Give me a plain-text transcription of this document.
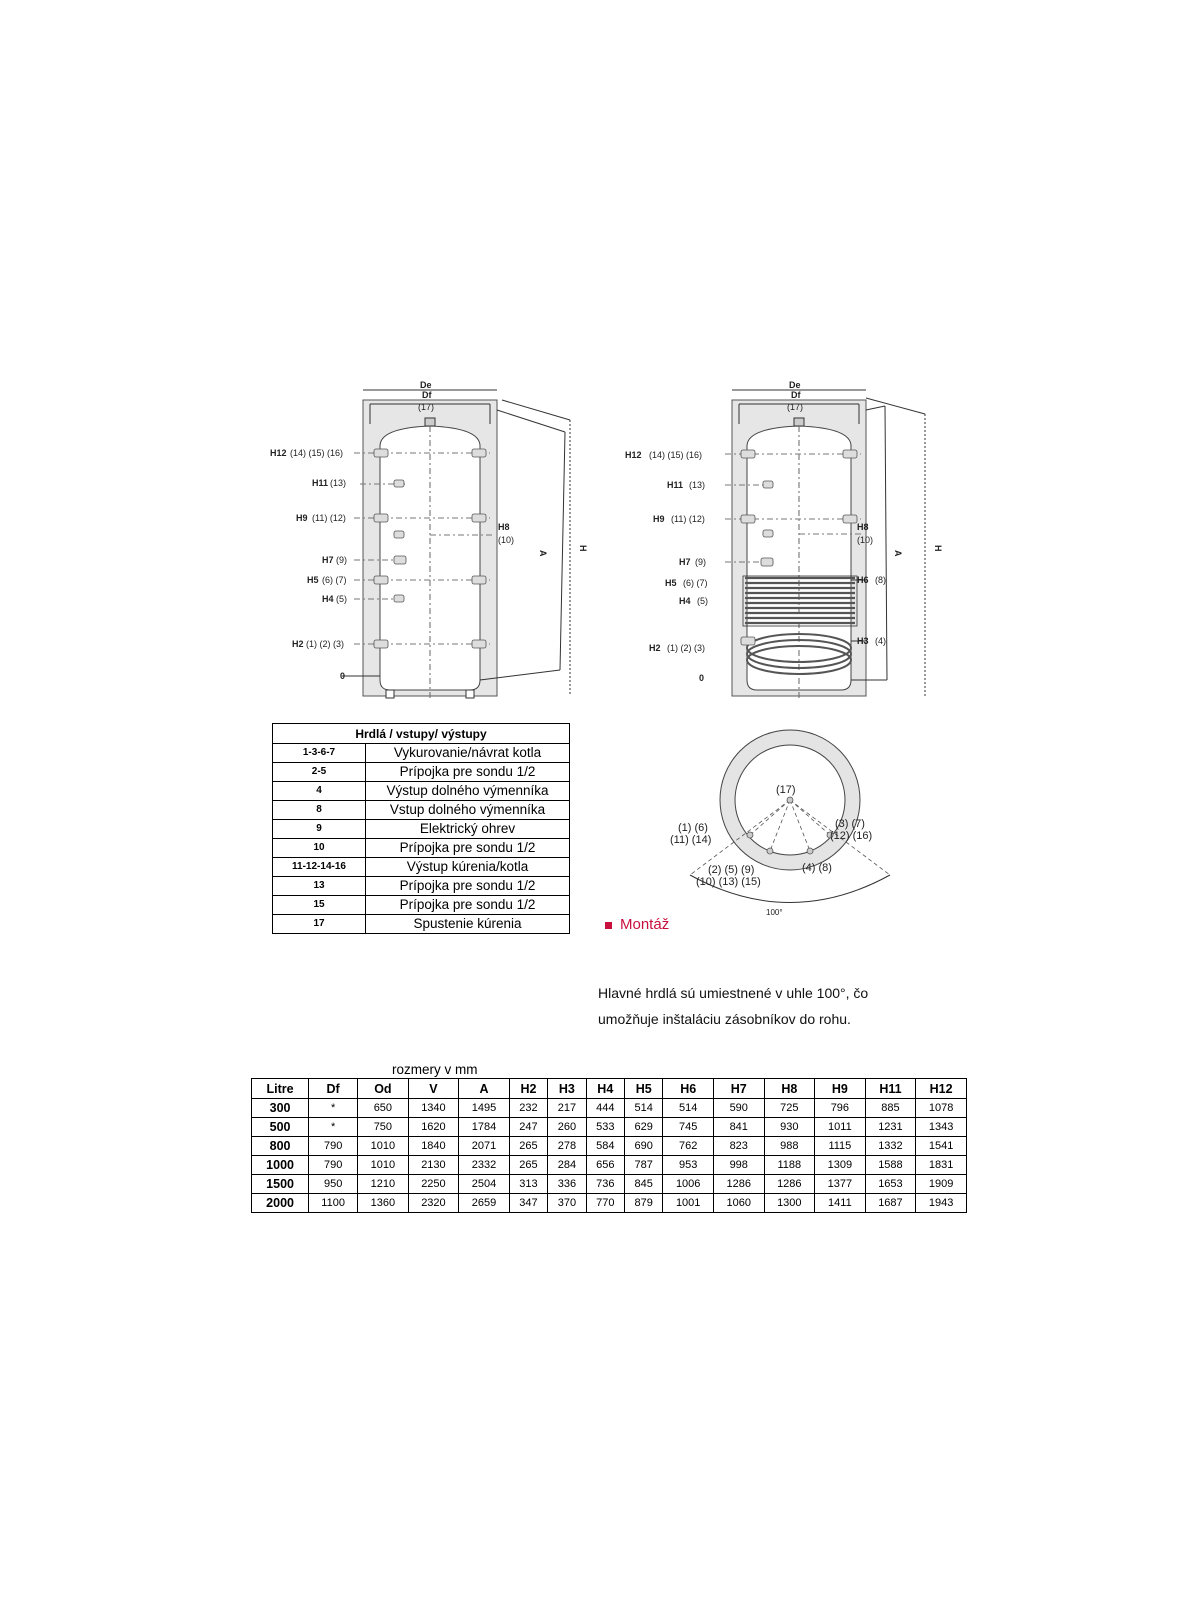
De
Df
(17)
H12 (14) (15) (16)
H11 (13)
H9 (11) (12)
H8
(10)
H7 (9)
H5 (6) (7)
H4 (5)
H2 (1) (2) (3)
0
A
H
De
Df
(17)
H12 (14) (15) (16)
H11 (13)
H9 (11) (12)
H8
(10)
H7 (9)
H6 (8)
H5 (6) (7)
H4 (5)
H3 (4)
H2 (1) (2) (3)
0
A
H
Hrdlá / vstupy/ výstupy	
1-3-6-7	Vykurovanie/návrat kotla
2-5	Prípojka pre sondu 1/2
4	Výstup dolného výmenníka
8	Vstup dolného výmenníka
9	Elektrický ohrev
10	Prípojka pre sondu 1/2
11-12-14-16	Výstup kúrenia/kotla
13	Prípojka pre sondu 1/2
15	Prípojka pre sondu 1/2
17	Spustenie kúrenia
(17)
(1) (6)
(11) (14)
(3) (7)
(12) (16)
(2) (5) (9)
(10) (13) (15)
(4) (8)
100°
Montáž
Hlavné hrdlá sú umiestnené v uhle 100°, čo
umožňuje inštaláciu zásobníkov do rohu.
rozmery v mm
Litre	Df	Od	V	A	H2	H3	H4	H5	H6	H7	H8	H9	H11	H12
300	*	650	1340	1495	232	217	444	514	514	590	725	796	885	1078
500	*	750	1620	1784	247	260	533	629	745	841	930	1011	1231	1343
800	790	1010	1840	2071	265	278	584	690	762	823	988	1115	1332	1541
1000	790	1010	2130	2332	265	284	656	787	953	998	1188	1309	1588	1831
1500	950	1210	2250	2504	313	336	736	845	1006	1286	1286	1377	1653	1909
2000	1100	1360	2320	2659	347	370	770	879	1001	1060	1300	1411	1687	1943
